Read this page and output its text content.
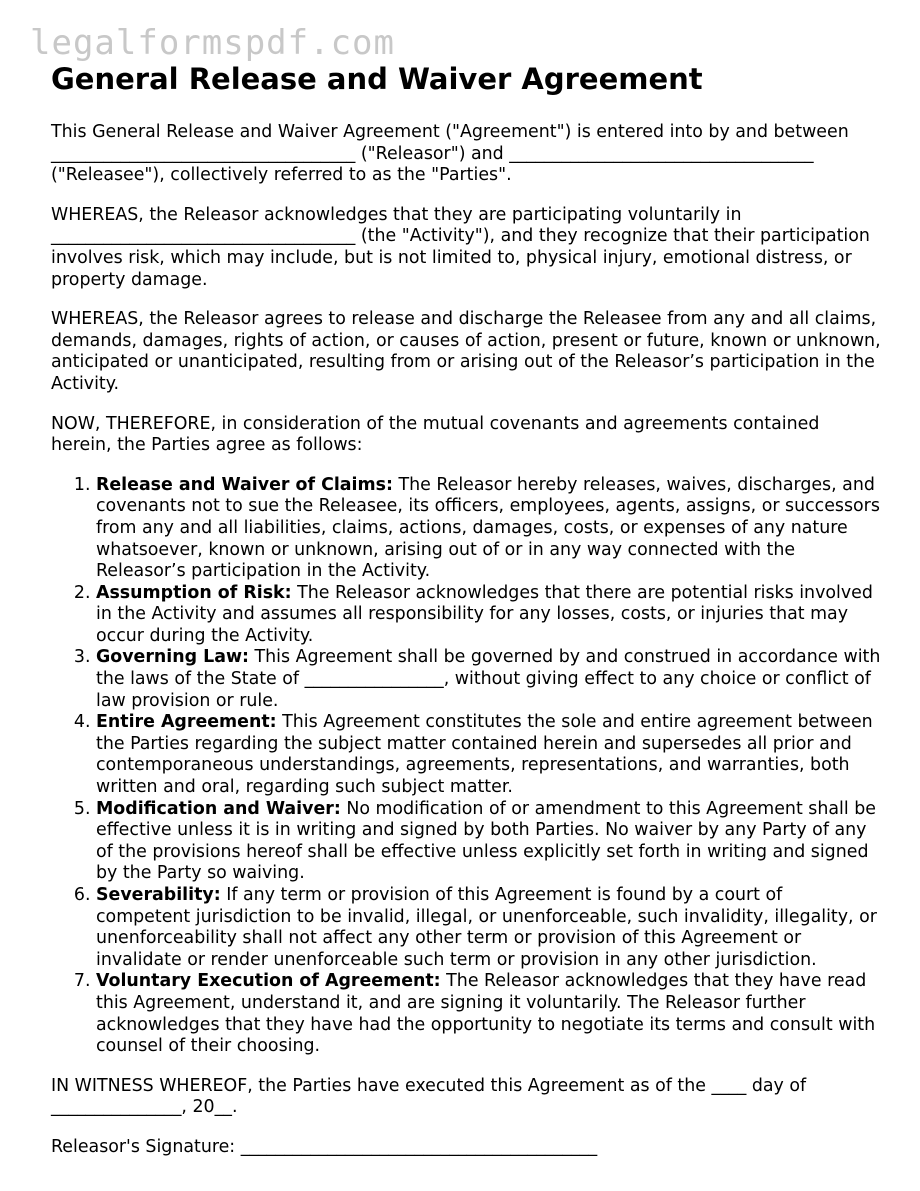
legalformspdf.com
General Release and Waiver Agreement

This General Release and Waiver Agreement ("Agreement") is entered into by and between ___________________________________ ("Releasor") and ___________________________________ ("Releasee"), collectively referred to as the "Parties".

WHEREAS, the Releasor acknowledges that they are participating voluntarily in ___________________________________ (the "Activity"), and they recognize that their participation involves risk, which may include, but is not limited to, physical injury, emotional distress, or property damage.

WHEREAS, the Releasor agrees to release and discharge the Releasee from any and all claims, demands, damages, rights of action, or causes of action, present or future, known or unknown, anticipated or unanticipated, resulting from or arising out of the Releasor’s participation in the Activity.

NOW, THEREFORE, in consideration of the mutual covenants and agreements contained herein, the Parties agree as follows:

1. Release and Waiver of Claims: The Releasor hereby releases, waives, discharges, and covenants not to sue the Releasee, its officers, employees, agents, assigns, or successors from any and all liabilities, claims, actions, damages, costs, or expenses of any nature whatsoever, known or unknown, arising out of or in any way connected with the Releasor’s participation in the Activity.
2. Assumption of Risk: The Releasor acknowledges that there are potential risks involved in the Activity and assumes all responsibility for any losses, costs, or injuries that may occur during the Activity.
3. Governing Law: This Agreement shall be governed by and construed in accordance with the laws of the State of ________________, without giving effect to any choice or conflict of law provision or rule.
4. Entire Agreement: This Agreement constitutes the sole and entire agreement between the Parties regarding the subject matter contained herein and supersedes all prior and contemporaneous understandings, agreements, representations, and warranties, both written and oral, regarding such subject matter.
5. Modification and Waiver: No modification of or amendment to this Agreement shall be effective unless it is in writing and signed by both Parties. No waiver by any Party of any of the provisions hereof shall be effective unless explicitly set forth in writing and signed by the Party so waiving.
6. Severability: If any term or provision of this Agreement is found by a court of competent jurisdiction to be invalid, illegal, or unenforceable, such invalidity, illegality, or unenforceability shall not affect any other term or provision of this Agreement or invalidate or render unenforceable such term or provision in any other jurisdiction.
7. Voluntary Execution of Agreement: The Releasor acknowledges that they have read this Agreement, understand it, and are signing it voluntarily. The Releasor further acknowledges that they have had the opportunity to negotiate its terms and consult with counsel of their choosing.

IN WITNESS WHEREOF, the Parties have executed this Agreement as of the ____ day of _______________, 20__.

Releasor's Signature: _________________________________________
